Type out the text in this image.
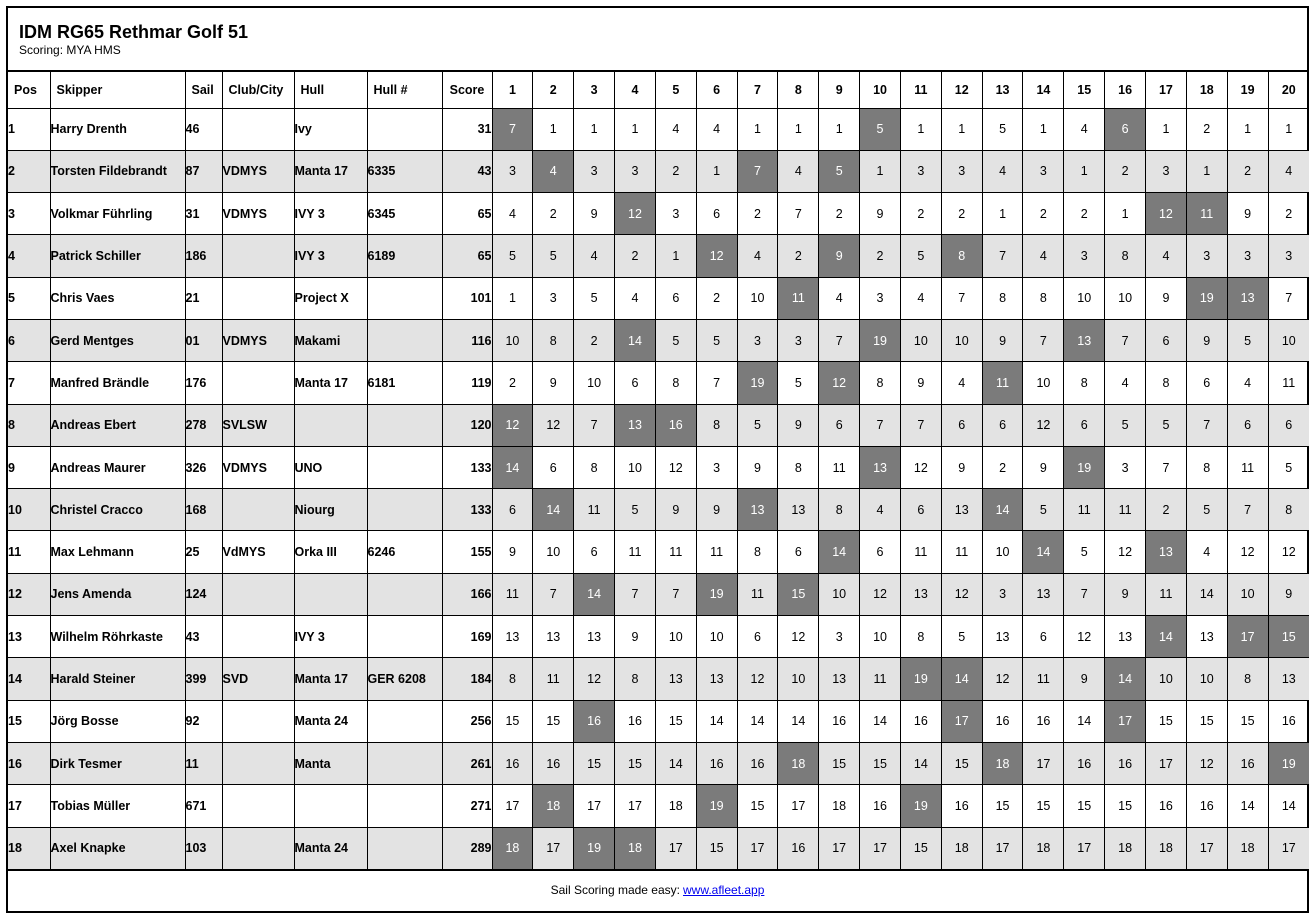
IDM RG65 Rethmar Golf 51
Scoring: MYA HMS
Pos	Skipper	Sail	Club/City	Hull	Hull #	Score	1	2	3	4	5	6	7	8	9	10	11	12	13	14	15	16	17	18	19	20
1	Harry Drenth	46		Ivy		31	7	1	1	1	4	4	1	1	1	5	1	1	5	1	4	6	1	2	1	1
2	Torsten Fildebrandt	87	VDMYS	Manta 17	6335	43	3	4	3	3	2	1	7	4	5	1	3	3	4	3	1	2	3	1	2	4
3	Volkmar Führling	31	VDMYS	IVY 3	6345	65	4	2	9	12	3	6	2	7	2	9	2	2	1	2	2	1	12	11	9	2
4	Patrick Schiller	186		IVY 3	6189	65	5	5	4	2	1	12	4	2	9	2	5	8	7	4	3	8	4	3	3	3
5	Chris Vaes	21		Project X		101	1	3	5	4	6	2	10	11	4	3	4	7	8	8	10	10	9	19	13	7
6	Gerd Mentges	01	VDMYS	Makami		116	10	8	2	14	5	5	3	3	7	19	10	10	9	7	13	7	6	9	5	10
7	Manfred Brändle	176		Manta 17	6181	119	2	9	10	6	8	7	19	5	12	8	9	4	11	10	8	4	8	6	4	11
8	Andreas Ebert	278	SVLSW			120	12	12	7	13	16	8	5	9	6	7	7	6	6	12	6	5	5	7	6	6
9	Andreas Maurer	326	VDMYS	UNO		133	14	6	8	10	12	3	9	8	11	13	12	9	2	9	19	3	7	8	11	5
10	Christel Cracco	168		Niourg		133	6	14	11	5	9	9	13	13	8	4	6	13	14	5	11	11	2	5	7	8
11	Max Lehmann	25	VdMYS	Orka III	6246	155	9	10	6	11	11	11	8	6	14	6	11	11	10	14	5	12	13	4	12	12
12	Jens Amenda	124				166	11	7	14	7	7	19	11	15	10	12	13	12	3	13	7	9	11	14	10	9
13	Wilhelm Röhrkaste	43		IVY 3		169	13	13	13	9	10	10	6	12	3	10	8	5	13	6	12	13	14	13	17	15
14	Harald Steiner	399	SVD	Manta 17	GER 6208	184	8	11	12	8	13	13	12	10	13	11	19	14	12	11	9	14	10	10	8	13
15	Jörg Bosse	92		Manta 24		256	15	15	16	16	15	14	14	14	16	14	16	17	16	16	14	17	15	15	15	16
16	Dirk Tesmer	11		Manta		261	16	16	15	15	14	16	16	18	15	15	14	15	18	17	16	16	17	12	16	19
17	Tobias Müller	671				271	17	18	17	17	18	19	15	17	18	16	19	16	15	15	15	15	16	16	14	14
18	Axel Knapke	103		Manta 24		289	18	17	19	18	17	15	17	16	17	17	15	18	17	18	17	18	18	17	18	17
Sail Scoring made easy: www.afleet.app
